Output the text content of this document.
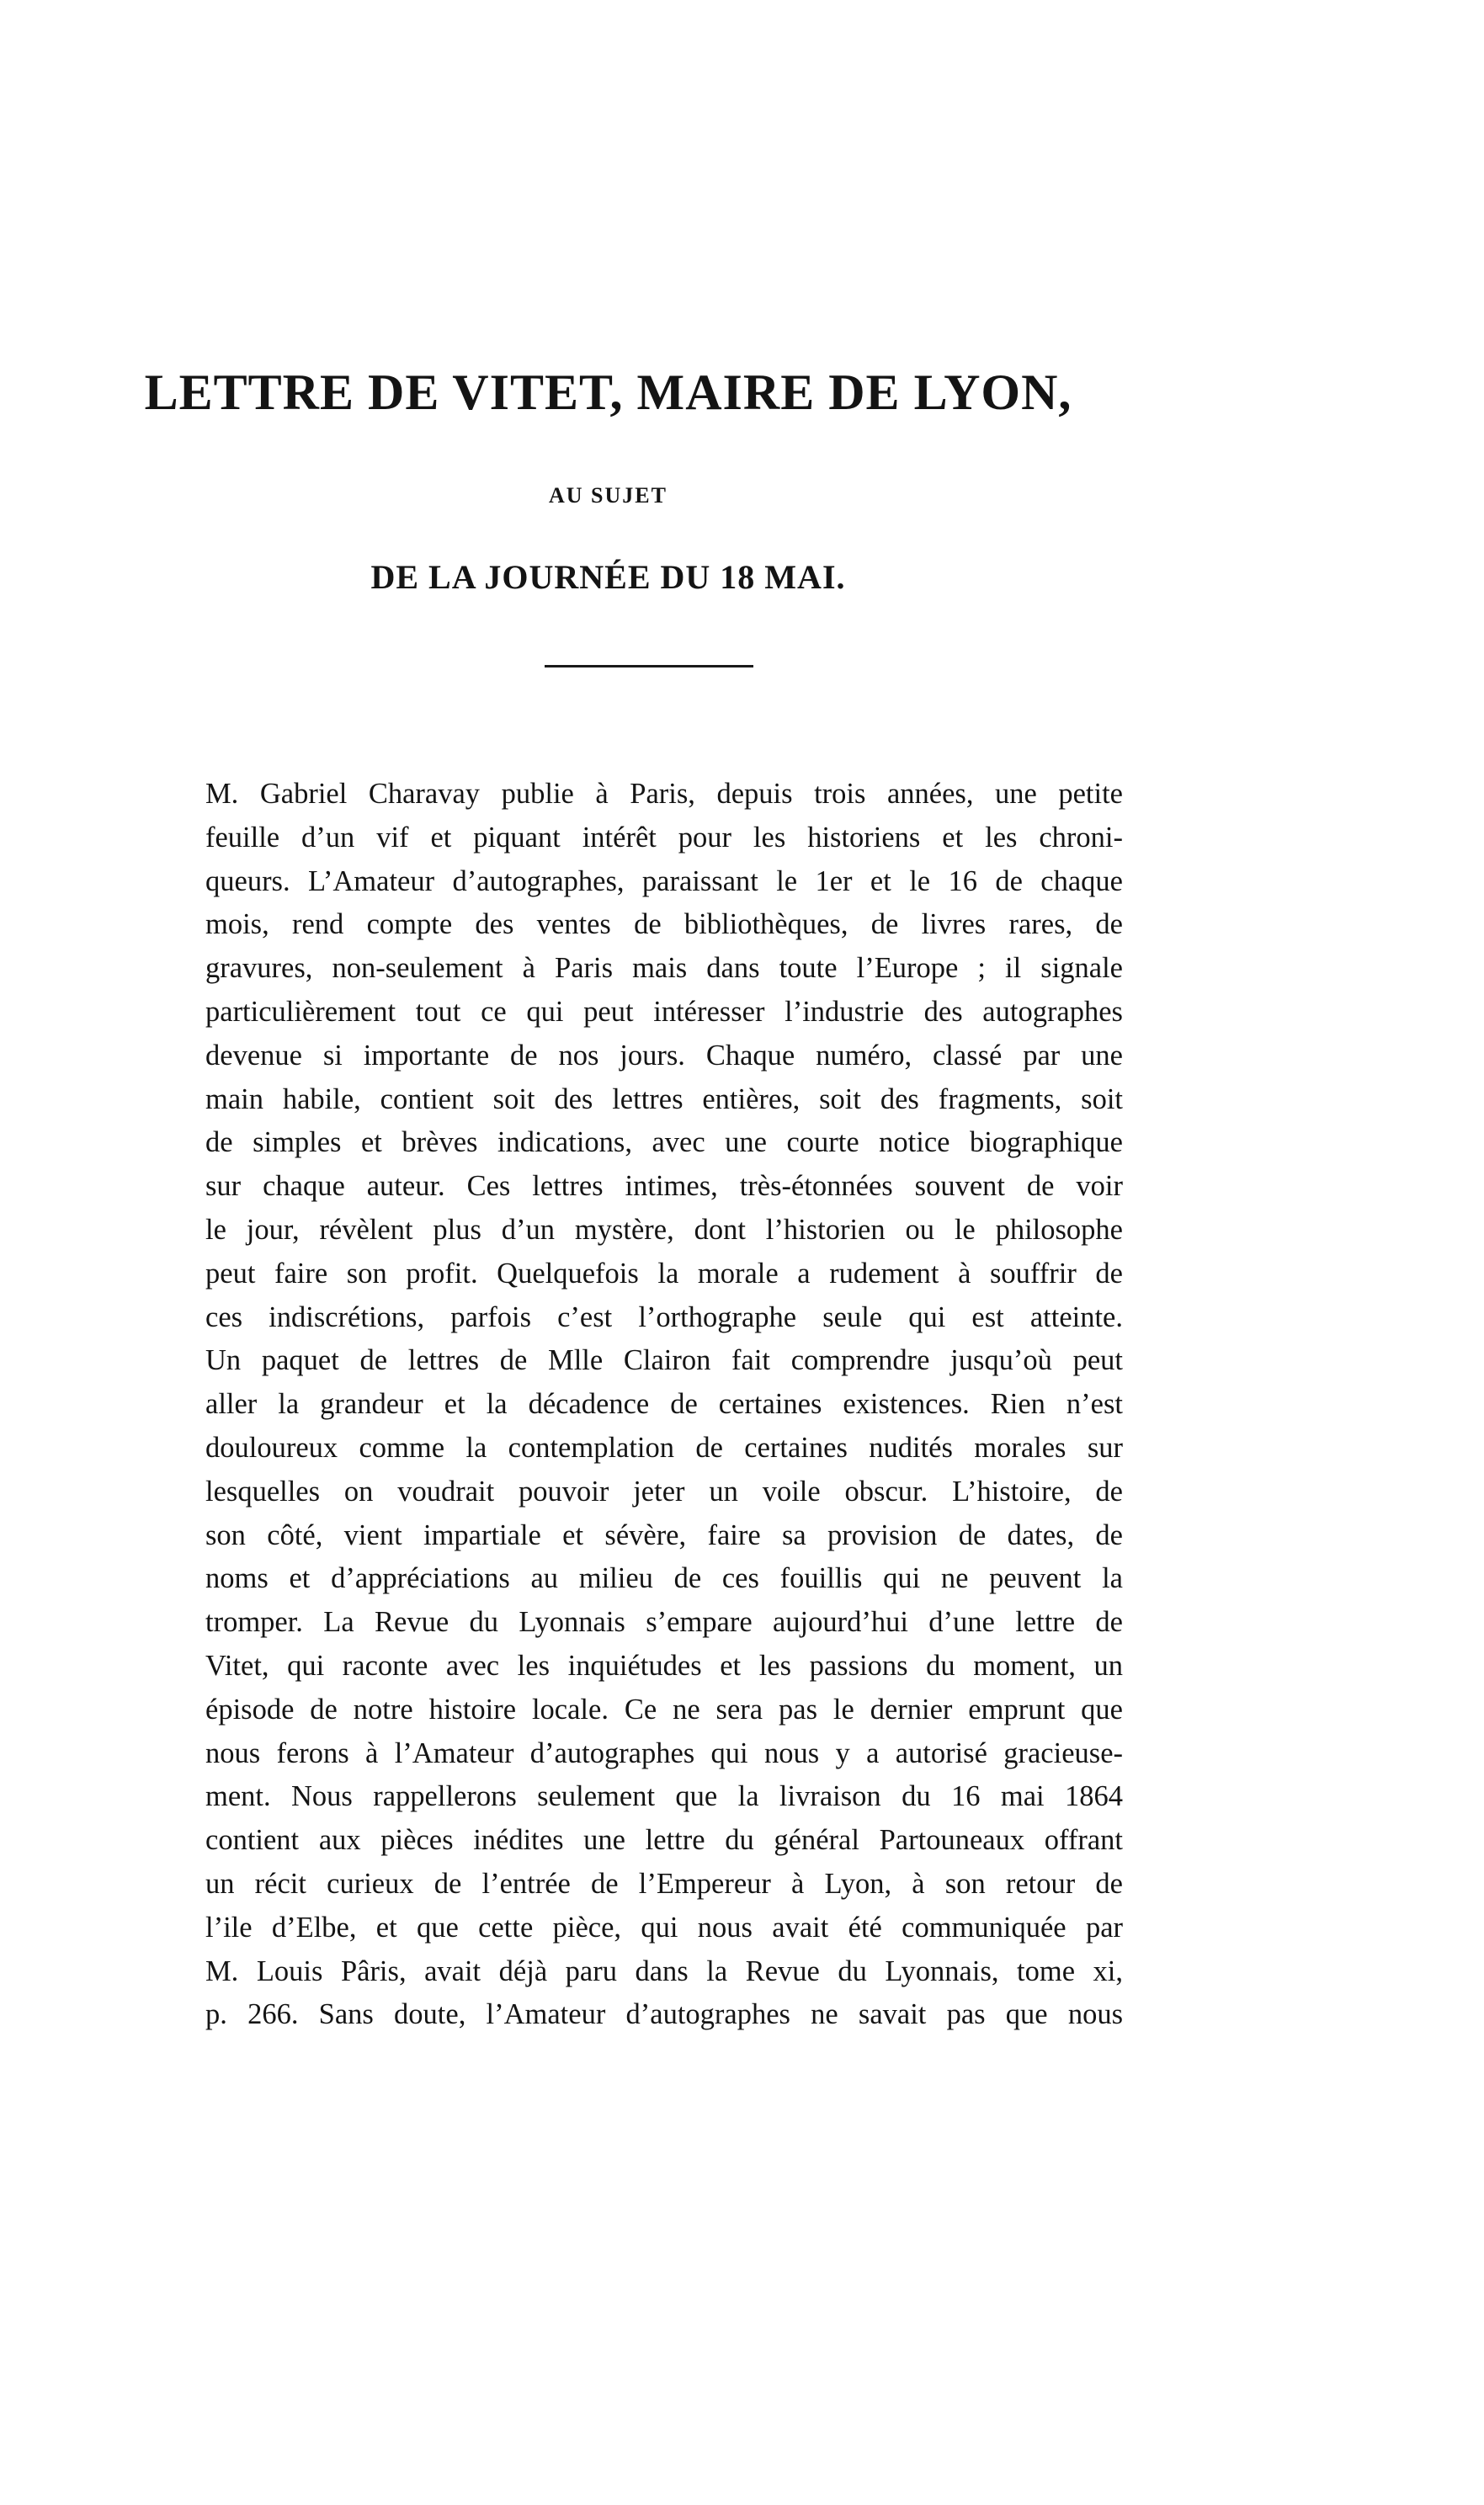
LETTRE DE VITET, MAIRE DE LYON,
AU SUJET
DE LA JOURNÉE DU 18 MAI.
M. Gabriel Charavay publie à Paris, depuis trois années, une petite
feuille d’un vif et piquant intérêt pour les historiens et les chroni-
queurs. L’Amateur d’autographes, paraissant le 1er et le 16 de chaque
mois, rend compte des ventes de bibliothèques, de livres rares, de
gravures, non-seulement à Paris mais dans toute l’Europe ; il signale
particulièrement tout ce qui peut intéresser l’industrie des autographes
devenue si importante de nos jours. Chaque numéro, classé par une
main habile, contient soit des lettres entières, soit des fragments, soit
de simples et brèves indications, avec une courte notice biographique
sur chaque auteur. Ces lettres intimes, très-étonnées souvent de voir
le jour, révèlent plus d’un mystère, dont l’historien ou le philosophe
peut faire son profit. Quelquefois la morale a rudement à souffrir de
ces indiscrétions, parfois c’est l’orthographe seule qui est atteinte.
Un paquet de lettres de Mlle Clairon fait comprendre jusqu’où peut
aller la grandeur et la décadence de certaines existences. Rien n’est
douloureux comme la contemplation de certaines nudités morales sur
lesquelles on voudrait pouvoir jeter un voile obscur. L’histoire, de
son côté, vient impartiale et sévère, faire sa provision de dates, de
noms et d’appréciations au milieu de ces fouillis qui ne peuvent la
tromper. La Revue du Lyonnais s’empare aujourd’hui d’une lettre de
Vitet, qui raconte avec les inquiétudes et les passions du moment, un
épisode de notre histoire locale. Ce ne sera pas le dernier emprunt que
nous ferons à l’Amateur d’autographes qui nous y a autorisé gracieuse-
ment. Nous rappellerons seulement que la livraison du 16 mai 1864
contient aux pièces inédites une lettre du général Partouneaux offrant
un récit curieux de l’entrée de l’Empereur à Lyon, à son retour de
l’ile d’Elbe, et que cette pièce, qui nous avait été communiquée par
M. Louis Pâris, avait déjà paru dans la Revue du Lyonnais, tome xi,
p. 266. Sans doute, l’Amateur d’autographes ne savait pas que nous
